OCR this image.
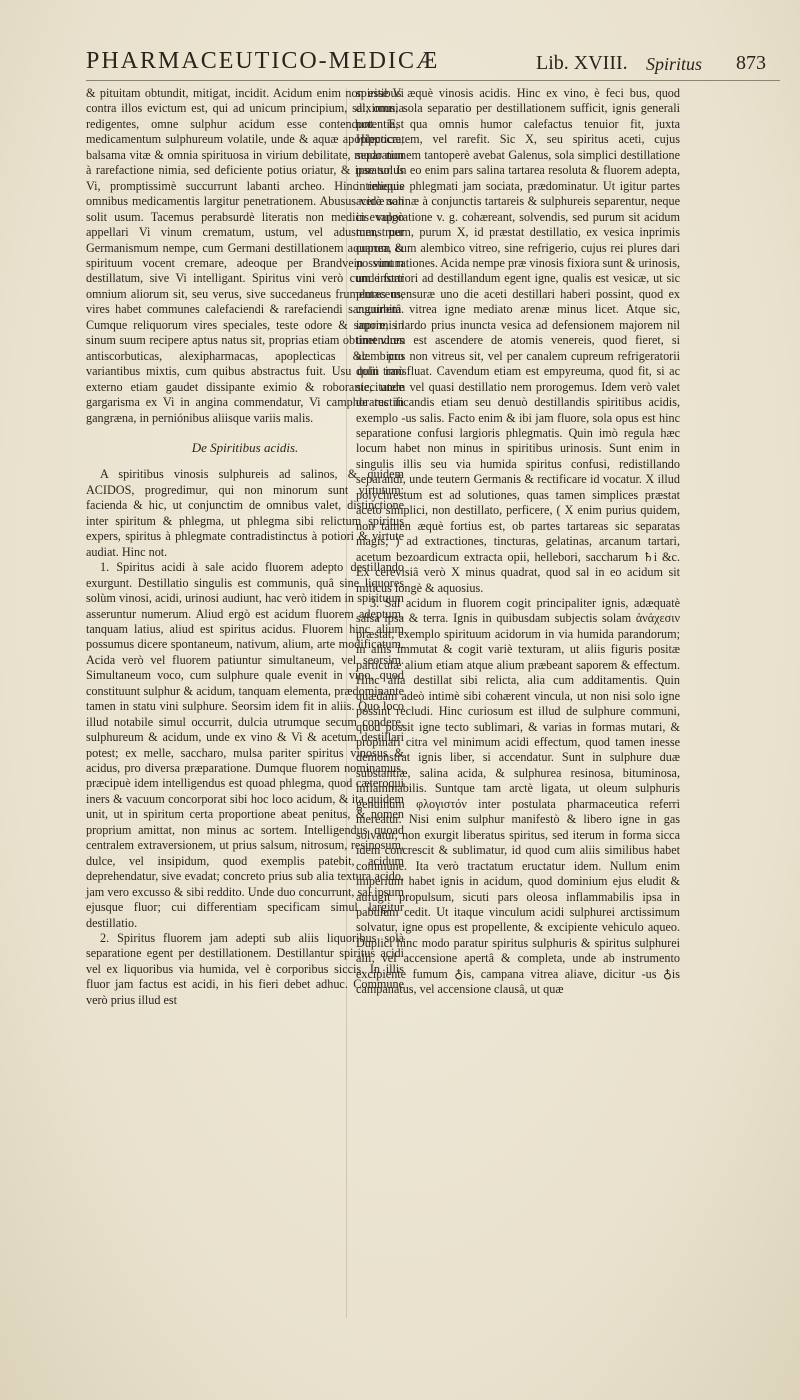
PHARMACEUTICO-MEDICÆ	Lib. XVIII. Spiritus 873

& pituitam obtundit, mitigat, incidit. Acidum enim non esse Vi contra illos evictum est, qui ad unicum principium, sal, omnia redigentes, omne sulphur acidum esse contendunt. Est medicamentum sulphureum volatile, unde & aquæ apoplecticæ, balsama vitæ & omnia spirituosa in virium debilitate, modo non à rarefactione nimia, sed deficiente potius oriatur, & ipse solus Vi, promptissimè succurrunt labanti archeo. Hinc reliquis omnibus medicamentis largitur penetrationem. Abusus verò non solit usum. Tacemus perabsurdè literatis non medicis vulgò appellari Vi vinum crematum, ustum, vel adustum, per Germanismum nempe, cum Germani destillationem aquarum & spirituum vocent cremare, adeoque per Brandvein vinum destillatum, sive Vi intelligant. Spiritus vini verò cum instar omnium aliorum sit, seu verus, sive succedaneus frumentaceus, vires habet communes calefaciendi & rarefaciendi sanguinem. Cumque reliquorum vires speciales, teste odore & sapore, in sinum suum recipere aptus natus sit, proprias etiam obtinet vires antiscorbuticas, alexipharmacas, apoplecticas &c. pro variantibus mixtis, cum quibus abstractus fuit. Usu quin imò externo etiam gaudet dissipante eximio & roborante, unde gargarisma ex Vi in angina commendatur, Vi camphoratus in gangræna, in perniónibus aliisque variis malis.

De Spiritibus acidis.

A spiritibus vinosis sulphureis ad salinos, & quidem ACIDOS, progredimur, qui non minorum sunt virtutum: facienda & hic, ut conjunctim de omnibus valet, distinctione inter spiritum & phlegma, ut phlegma sibi relictum spiritus expers, spiritus à phlegmate contradistinctus à potiori & virtute audiat. Hinc not.

1. Spiritus acidi à sale acido fluorem adepto destillando exurgunt. Destillatio singulis est communis, quâ sine liquores solùm vinosi, acidi, urinosi audiunt, hac verò itidem in spirituum asseruntur numerum. Aliud ergò est acidum fluorem adeptum, tanquam latius, aliud est spiritus acidus. Fluorem hinc alium possumus dicere spontaneum, nativum, alium, arte modificatum. Acida verò vel fluorem patiuntur simultaneum, vel seorsim. Simultaneum voco, cum sulphure quale evenit in vino, quod constituunt sulphur & acidum, tanquam elementa, prædominante tamen in statu vini sulphure. Seorsim idem fit in aliis. Quo loco illud notabile simul occurrit, dulcia utrumque secum condere, sulphureum & acidum, unde ex vino & Vi & acetum destillari potest; ex melle, saccharo, mulsa pariter spiritus vinosus & acidus, pro diversa præparatione. Dumque fluorem nominamus, præcipuè idem intelligendus est quoad phlegma, quod cæteroqui iners & vacuum concorporat sibi hoc loco acidum, & ita quidem unit, ut in spiritum certa proportione abeat penitus, & nomen proprium amittat, non minus ac sortem. Intelligendus quoad centralem extraversionem, ut prius salsum, nitrosum, resinosum, dulce, vel insipidum, quod exemplis patebit, acidum deprehendatur, sive evadat; concreto prius sub alia textura acido, jam vero excusso & sibi reddito. Unde duo concurrunt, sal ipsum ejusque fluor; cui differentiam specificam simul largitur destillatio.

2. Spiritus fluorem jam adepti sub aliis liquoribus solà separatione egent per destillationem. Destillantur spiritus acidi vel ex liquoribus via humida, vel è corporibus siccis. In illis fluor jam factus est acidi, in his fieri debet adhuc. Commune verò prius illud est

spiritibus æquè vinosis acidis. Hinc ex vino, è feci bus, quod diximus, sola separatio per destillationem sufficit, ignis generali potentia, qua omnis humor calefactus tenuior fit, juxta Hippocratem, vel rarefit. Sic X, seu spiritus aceti, cujus separationem tantoperè avebat Galenus, sola simplici destillatione paratur. In eo enim pars salina tartarea resoluta & fluorem adepta, intimeque phlegmati jam sociata, prædominatur. Ut igitur partes acidæ salinæ à conjunctis tartareis & sulphureis separentur, neque in evaporatione v. g. cohæreant, solvendis, sed purum sit acidum menstruum, purum X, id præstat destillatio, ex vesica inprimis cuprea, cum alembico vitreo, sine refrigerio, cujus rei plures dari possunt rationes. Acida nempe præ vinosis fixiora sunt & urinosis, unde fortiori ad destillandum egent igne, qualis est vesicæ, ut sic plures mensuræ uno die aceti destillari haberi possint, quod ex cucurbitâ vitrea igne mediato arenæ minus licet. Atque sic, inprimis lardo prius inuncta vesica ad defensionem majorem nil timendum est ascendere de atomis venereis, quod fieret, si alembicus non vitreus sit, vel per canalem cupreum refrigeratorii dolii transfluat. Cavendum etiam est empyreuma, quod fit, si ac siccitatem vel quasi destillatio nem prorogemus. Idem verò valet de rectificandis etiam seu denuò destillandis spiritibus acidis, exemplo -us salis. Facto enim & ibi jam fluore, sola opus est hinc separatione confusi largioris phlegmatis. Quin imò regula hæc locum habet non minus in spiritibus urinosis. Sunt enim in singulis illis seu via humida spiritus confusi, redistillando separandi, unde teutern Germanis & rectificare id vocatur. X illud polychrestum est ad solutiones, quas tamen simplices præstat aceto simplici, non destillato, perficere, ( X enim purius quidem, non tamen æquè fortius est, ob partes tartareas sic separatas magis; ) ad extractiones, tincturas, gelatinas, arcanum tartari, acetum bezoardicum extracta opii, hellebori, saccharum ♄i &c. Ex cerevisiâ verò X minus quadrat, quod sal in eo acidum sit miticus longè & aquosius.

3. Sal acidum in fluorem cogit principaliter ignis, adæquatè salsa ipsa & terra. Ignis in quibusdam subjectis solam ἀνάχεσιν præstat, exemplo spirituum acidorum in via humida parandorum; in aliis immutat & cogit variè texturam, ut aliis figuris positæ particulæ alium etiam atque alium præbeant saporem & effectum. Hinc alia destillat sibi relicta, alia cum additamentis. Quin quædam adeò intimè sibi cohærent vincula, ut non nisi solo igne possint recludi. Hinc curiosum est illud de sulphure communi, quod possit igne tecto sublimari, & varias in formas mutari, & propinari citra vel minimum acidi effectum, quod tamen inesse demonstrat ignis liber, si accendatur. Sunt in sulphure duæ substantiæ, salina acida, & sulphurea resinosa, bituminosa, inflammabilis. Suntque tam arctè ligata, ut oleum sulphuris genuinum φλογιστόν inter postulata pharmaceutica referri mereatur. Nisi enim sulphur manifestò & libero igne in gas solvatur, non exurgit liberatus spiritus, sed iterum in forma sicca idem concrescit & sublimatur, id quod cum aliis similibus habet commune. Ita verò tractatum eructatur idem. Nullum enim imperium habet ignis in acidum, quod dominium ejus eludit & aufugit propulsum, sicuti pars oleosa inflammabilis ipsa in pabulum cedit. Ut itaque vinculum acidi sulphurei arctissimum solvatur, igne opus est propellente, & excipiente vehiculo aqueo. Duplici hinc modo paratur spiritus sulphuris & spiritus sulphurei alii, vel accensione apertâ & completa, unde ab instrumento excipiente fumum ♁is, campana vitrea aliave, dicitur -us ♁is campanatus, vel accensione clausâ, ut quæ
